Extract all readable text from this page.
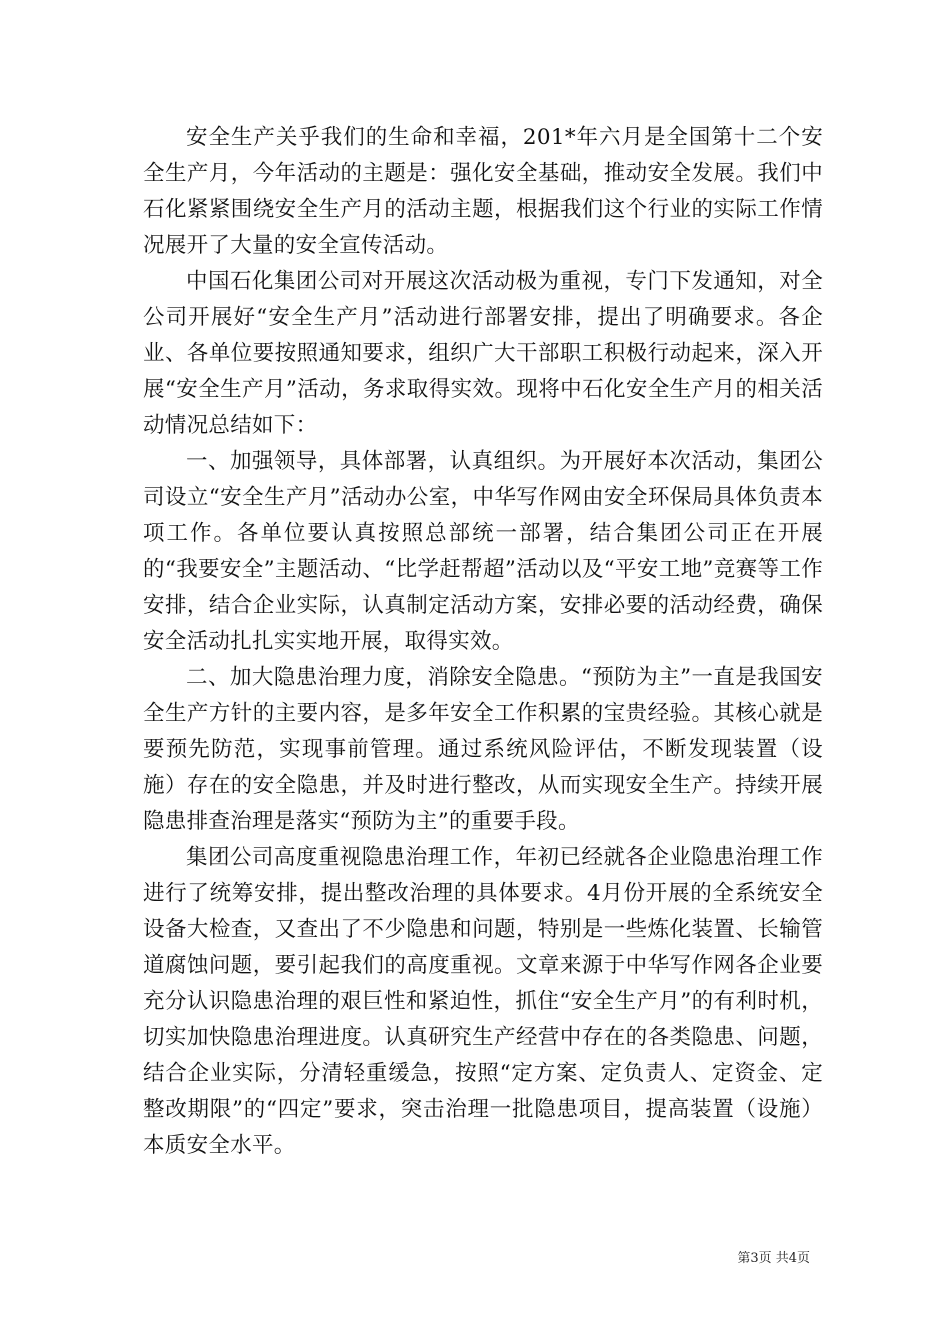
安全生产关乎我们的生命和幸福，201*年六月是全国第十二个安全生产月，今年活动的主题是：强化安全基础，推动安全发展。我们中石化紧紧围绕安全生产月的活动主题，根据我们这个行业的实际工作情况展开了大量的安全宣传活动。

中国石化集团公司对开展这次活动极为重视，专门下发通知，对全公司开展好“安全生产月”活动进行部署安排，提出了明确要求。各企业、各单位要按照通知要求，组织广大干部职工积极行动起来，深入开展“安全生产月”活动，务求取得实效。现将中石化安全生产月的相关活动情况总结如下：

一、加强领导，具体部署，认真组织。为开展好本次活动，集团公司设立“安全生产月”活动办公室，中华写作网由安全环保局具体负责本项工作。各单位要认真按照总部统一部署，结合集团公司正在开展的“我要安全”主题活动、“比学赶帮超”活动以及“平安工地”竞赛等工作安排，结合企业实际，认真制定活动方案，安排必要的活动经费，确保安全活动扎扎实实地开展，取得实效。

二、加大隐患治理力度，消除安全隐患。“预防为主”一直是我国安全生产方针的主要内容，是多年安全工作积累的宝贵经验。其核心就是要预先防范，实现事前管理。通过系统风险评估，不断发现装置（设施）存在的安全隐患，并及时进行整改，从而实现安全生产。持续开展隐患排查治理是落实“预防为主”的重要手段。

集团公司高度重视隐患治理工作，年初已经就各企业隐患治理工作进行了统筹安排，提出整改治理的具体要求。4月份开展的全系统安全设备大检查，又查出了不少隐患和问题，特别是一些炼化装置、长输管道腐蚀问题，要引起我们的高度重视。文章来源于中华写作网各企业要充分认识隐患治理的艰巨性和紧迫性，抓住“安全生产月”的有利时机，切实加快隐患治理进度。认真研究生产经营中存在的各类隐患、问题，结合企业实际，分清轻重缓急，按照“定方案、定负责人、定资金、定整改期限”的“四定”要求，突击治理一批隐患项目，提高装置（设施）本质安全水平。

第3页 共4页
